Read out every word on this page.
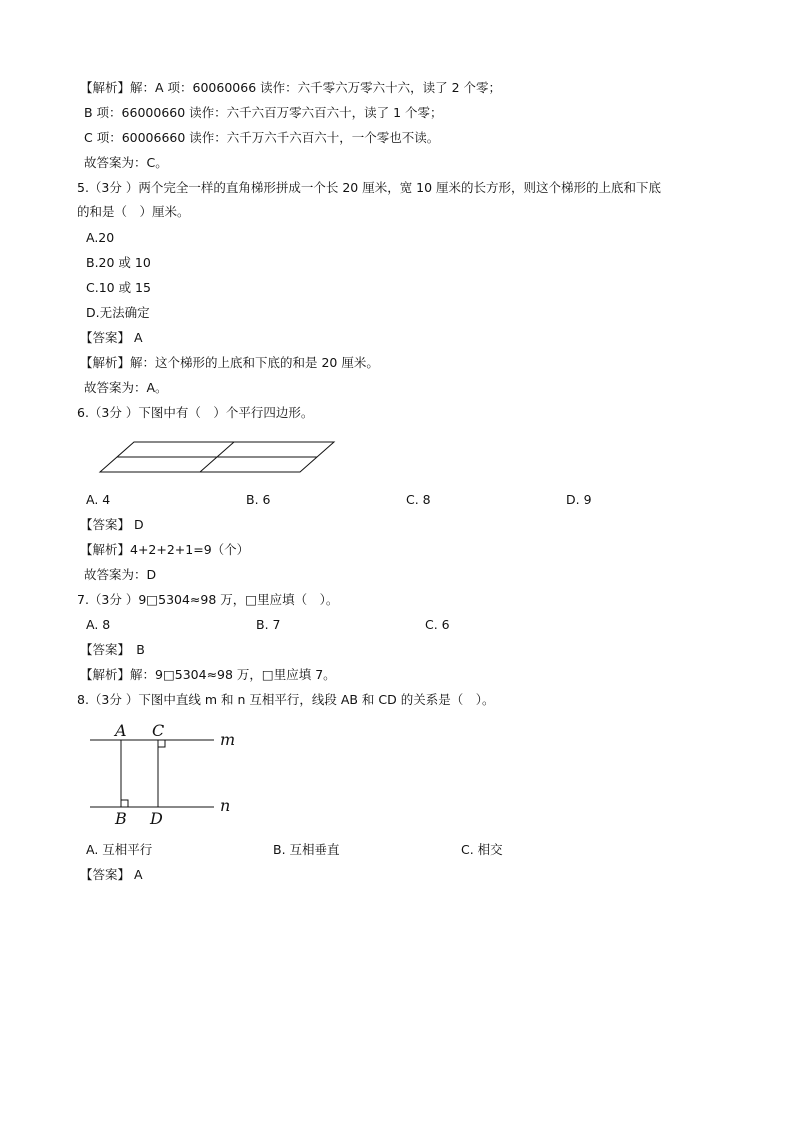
【解析】解：A 项：60060066 读作：六千零六万零六十六，读了 2 个零；
B 项：66000660 读作：六千六百万零六百六十，读了 1 个零；
C 项：60006660 读作：六千万六千六百六十，一个零也不读。
故答案为：C。
5.（3分 ）两个完全一样的直角梯形拼成一个长 20 厘米，宽 10 厘米的长方形，则这个梯形的上底和下底
的和是（　）厘米。
A.20
B.20 或 10
C.10 或 15
D.无法确定
【答案】 A
【解析】解：这个梯形的上底和下底的和是 20 厘米。
故答案为：A。
6.（3分 ）下图中有（　）个平行四边形。
A. 4	B. 6	C. 8	D. 9
【答案】 D
【解析】4+2+2+1=9（个）
故答案为：D
7.（3分 ）9□5304≈98 万，□里应填（　）。
A. 8	B. 7	C. 6
【答案】　B
【解析】解：9□5304≈98 万，□里应填 7。
8.（3分 ）下图中直线 m 和 n 互相平行，线段 AB 和 CD 的关系是（　）。
A C	m
B D
n
A. 互相平行	B. 互相垂直	C. 相交
【答案】 A
